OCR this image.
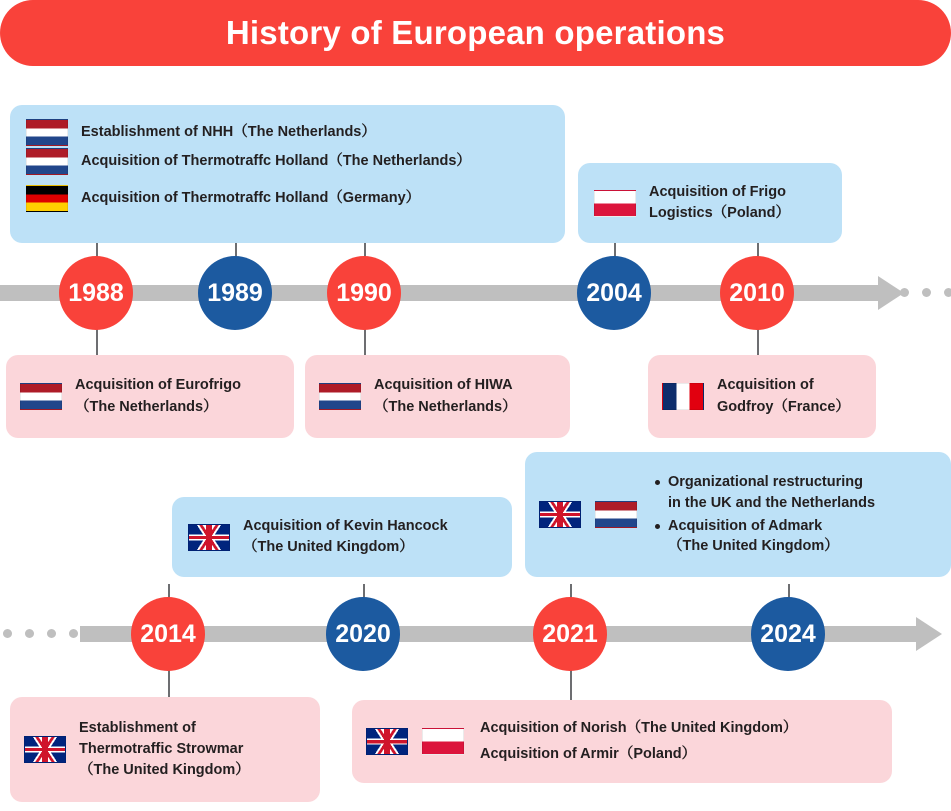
History of European operations
Establishment of NHH（The Netherlands）
Acquisition of Thermotraffc Holland（The Netherlands）
Acquisition of Thermotraffc Holland（Germany）	Acquisition of Frigo
Logistics（Poland）
1988	1989	1990	2004	2010
Acquisition of Eurofrigo
（The Netherlands）
Acquisition of HIWA
（The Netherlands）
Acquisition of
Godfroy（France）
Acquisition of Kevin Hancock
（The United Kingdom）
Organizational restructuring
in the UK and the Netherlands
Acquisition of Admark
（The United Kingdom）
2014	2020	2021	2024
Establishment of
Thermotraffic Strowmar
（The United Kingdom）
Acquisition of Norish（The United Kingdom）
Acquisition of Armir（Poland）
